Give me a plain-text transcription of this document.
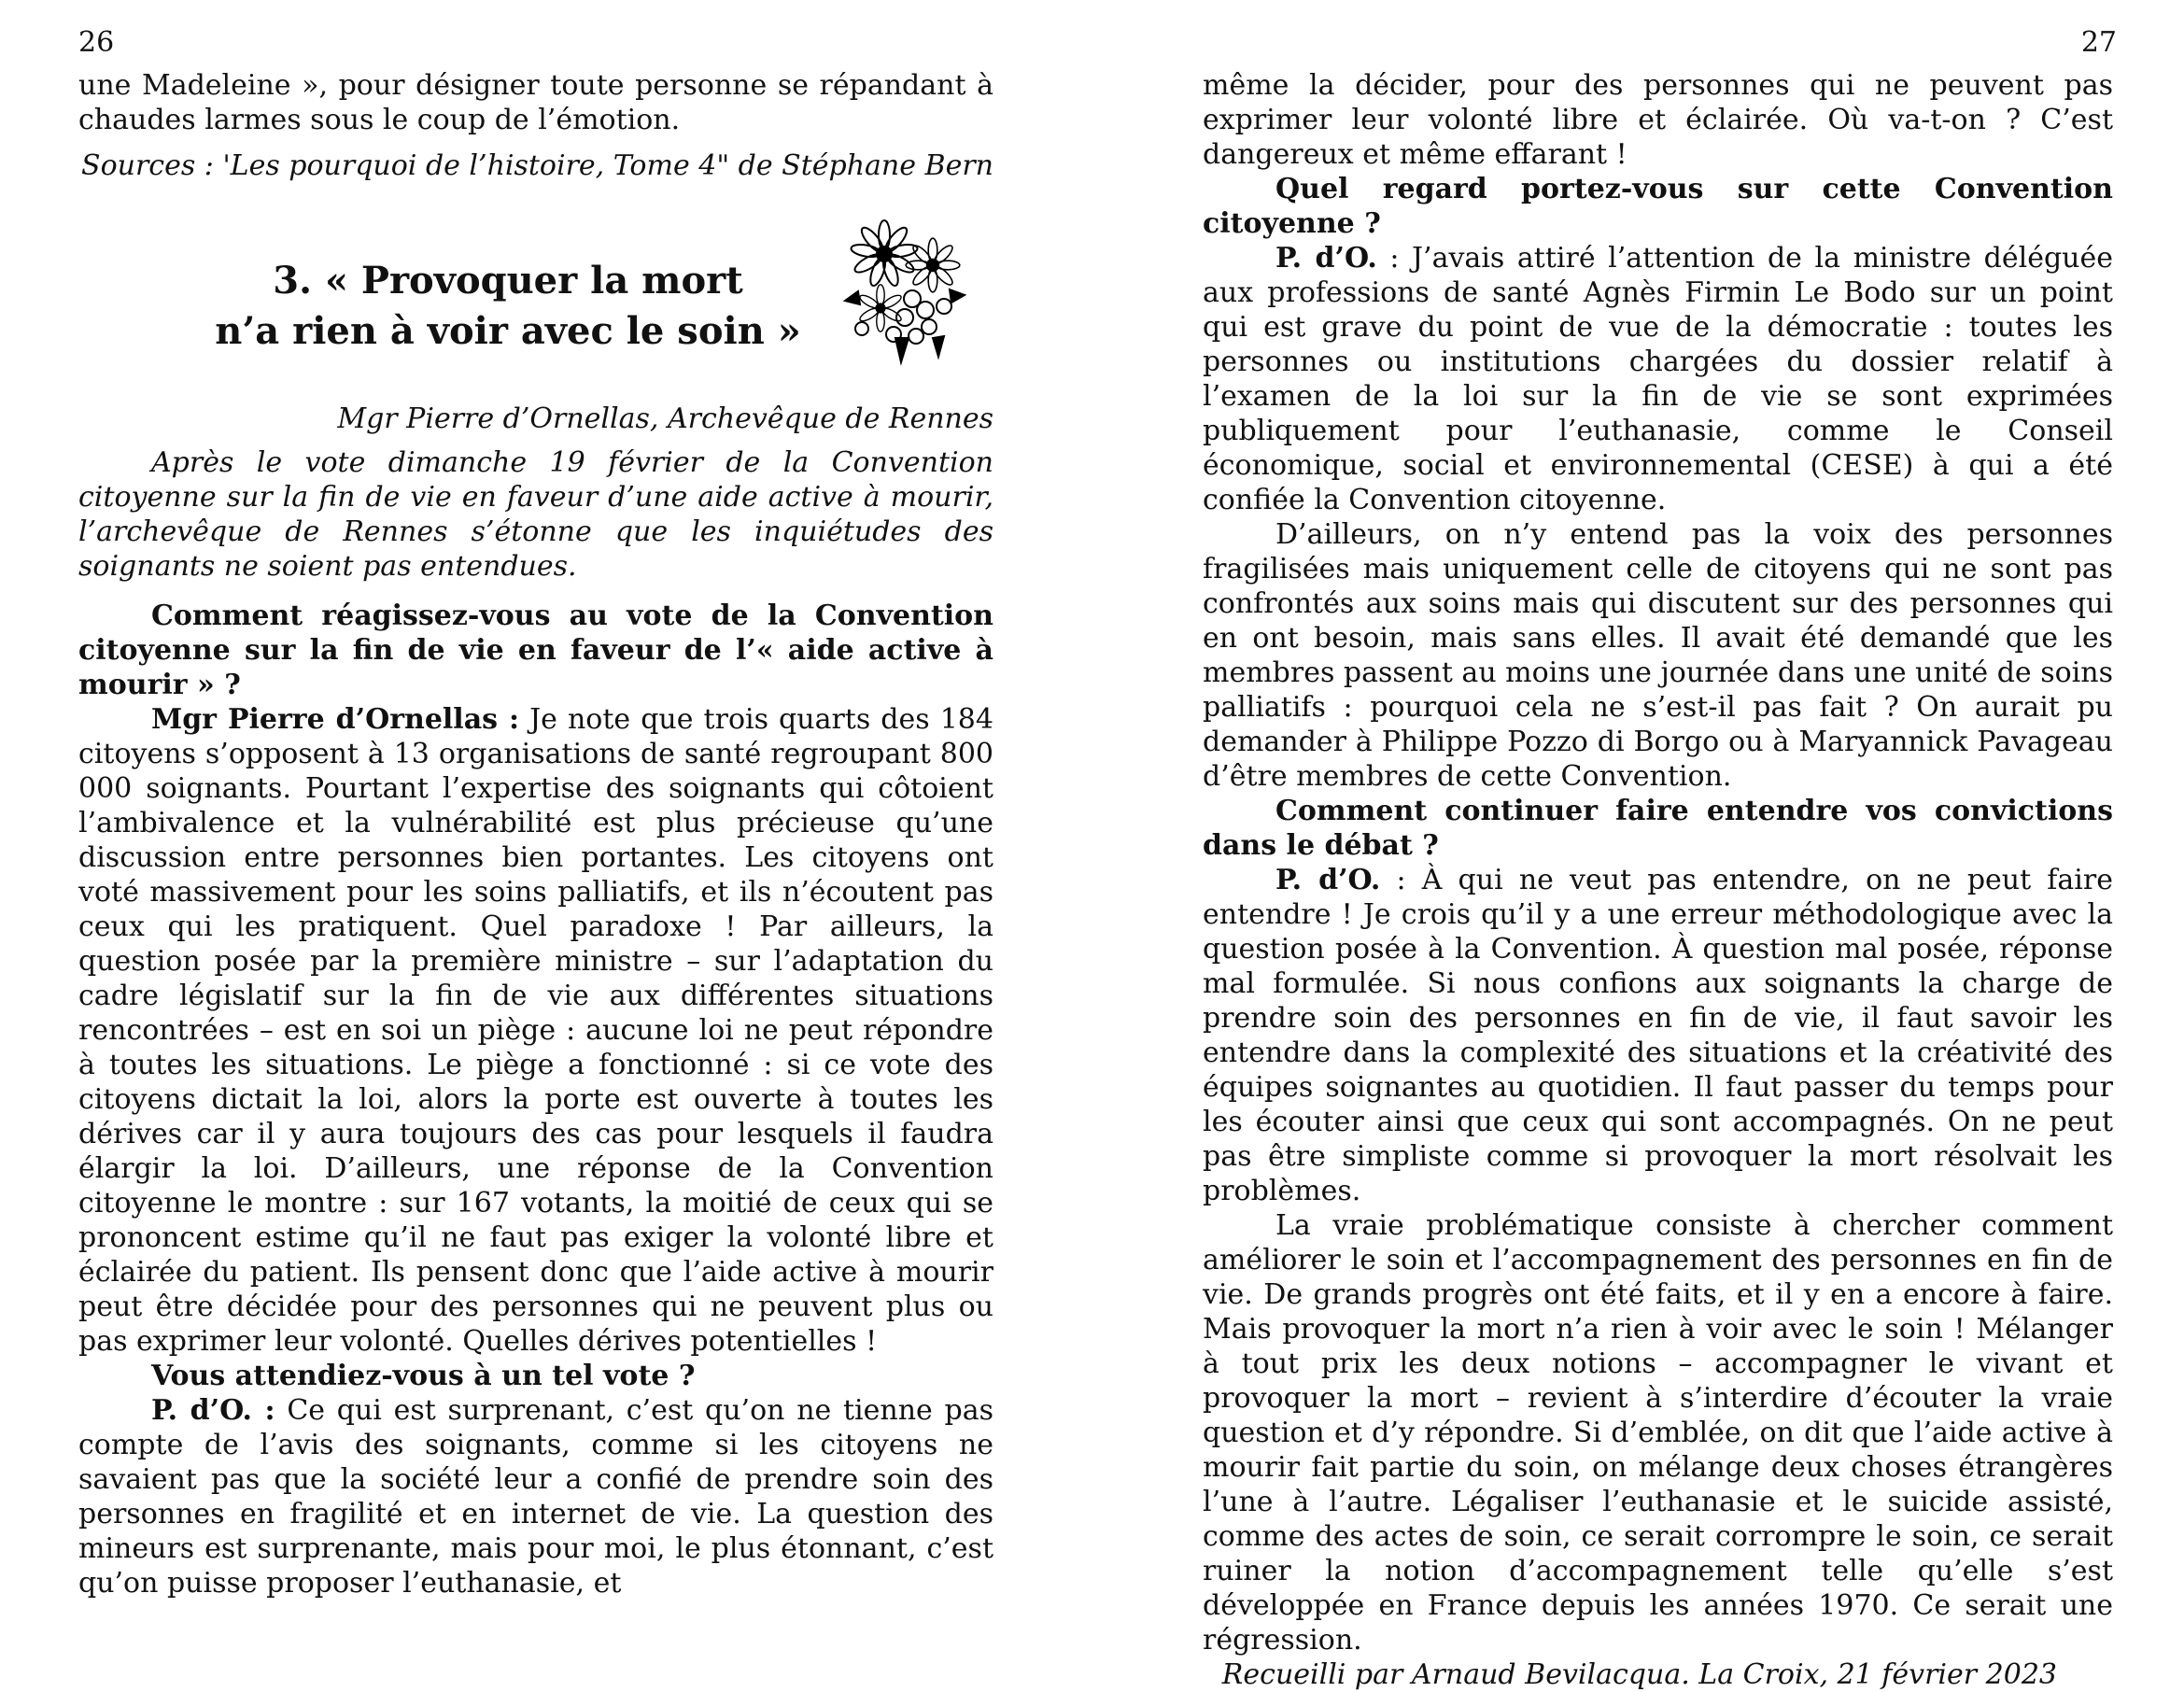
26

une Madeleine », pour désigner toute personne se répandant à chaudes larmes sous le coup de l’émotion.

Sources : 'Les pourquoi de l’histoire, Tome 4" de Stéphane Bern

3. « Provoquer la mort
n’a rien à voir avec le soin »

Mgr Pierre d’Ornellas, Archevêque de Rennes

Après le vote dimanche 19 février de la Convention citoyenne sur la fin de vie en faveur d’une aide active à mourir, l’archevêque de Rennes s’étonne que les inquiétudes des soignants ne soient pas entendues.

Comment réagissez-vous au vote de la Convention citoyenne sur la fin de vie en faveur de l’« aide active à mourir » ?

Mgr Pierre d’Ornellas : Je note que trois quarts des 184 citoyens s’opposent à 13 organisations de santé regroupant 800 000 soignants. Pourtant l’expertise des soignants qui côtoient l’ambivalence et la vulnérabilité est plus précieuse qu’une discussion entre personnes bien portantes. Les citoyens ont voté massivement pour les soins palliatifs, et ils n’écoutent pas ceux qui les pratiquent. Quel paradoxe ! Par ailleurs, la question posée par la première ministre – sur l’adaptation du cadre législatif sur la fin de vie aux différentes situations rencontrées – est en soi un piège : aucune loi ne peut répondre à toutes les situations. Le piège a fonctionné : si ce vote des citoyens dictait la loi, alors la porte est ouverte à toutes les dérives car il y aura toujours des cas pour lesquels il faudra élargir la loi. D’ailleurs, une réponse de la Convention citoyenne le montre : sur 167 votants, la moitié de ceux qui se prononcent estime qu’il ne faut pas exiger la volonté libre et éclairée du patient. Ils pensent donc que l’aide active à mourir peut être décidée pour des personnes qui ne peuvent plus ou pas exprimer leur volonté. Quelles dérives potentielles !

Vous attendiez-vous à un tel vote ?

P. d’O. : Ce qui est surprenant, c’est qu’on ne tienne pas compte de l’avis des soignants, comme si les citoyens ne savaient pas que la société leur a confié de prendre soin des personnes en fragilité et en internet de vie. La question des mineurs est surprenante, mais pour moi, le plus étonnant, c’est qu’on puisse proposer l’euthanasie, et

27

même la décider, pour des personnes qui ne peuvent pas exprimer leur volonté libre et éclairée. Où va-t-on ? C’est dangereux et même effarant !

Quel regard portez-vous sur cette Convention citoyenne ?

P. d’O. : J’avais attiré l’attention de la ministre déléguée aux professions de santé Agnès Firmin Le Bodo sur un point qui est grave du point de vue de la démocratie : toutes les personnes ou institutions chargées du dossier relatif à l’examen de la loi sur la fin de vie se sont exprimées publiquement pour l’euthanasie, comme le Conseil économique, social et environnemental (CESE) à qui a été confiée la Convention citoyenne.

D’ailleurs, on n’y entend pas la voix des personnes fragilisées mais uniquement celle de citoyens qui ne sont pas confrontés aux soins mais qui discutent sur des personnes qui en ont besoin, mais sans elles. Il avait été demandé que les membres passent au moins une journée dans une unité de soins palliatifs : pourquoi cela ne s’est-il pas fait ? On aurait pu demander à Philippe Pozzo di Borgo ou à Maryannick Pavageau d’être membres de cette Convention.

Comment continuer faire entendre vos convictions dans le débat ?

P. d’O. : À qui ne veut pas entendre, on ne peut faire entendre ! Je crois qu’il y a une erreur méthodologique avec la question posée à la Convention. À question mal posée, réponse mal formulée. Si nous confions aux soignants la charge de prendre soin des personnes en fin de vie, il faut savoir les entendre dans la complexité des situations et la créativité des équipes soignantes au quotidien. Il faut passer du temps pour les écouter ainsi que ceux qui sont accompagnés. On ne peut pas être simpliste comme si provoquer la mort résolvait les problèmes.

La vraie problématique consiste à chercher comment améliorer le soin et l’accompagnement des personnes en fin de vie. De grands progrès ont été faits, et il y en a encore à faire. Mais provoquer la mort n’a rien à voir avec le soin ! Mélanger à tout prix les deux notions – accompagner le vivant et provoquer la mort – revient à s’interdire d’écouter la vraie question et d’y répondre. Si d’emblée, on dit que l’aide active à mourir fait partie du soin, on mélange deux choses étrangères l’une à l’autre. Légaliser l’euthanasie et le suicide assisté, comme des actes de soin, ce serait corrompre le soin, ce serait ruiner la notion d’accompagnement telle qu’elle s’est développée en France depuis les années 1970. Ce serait une régression.

Recueilli par Arnaud Bevilacqua. La Croix, 21 février 2023
